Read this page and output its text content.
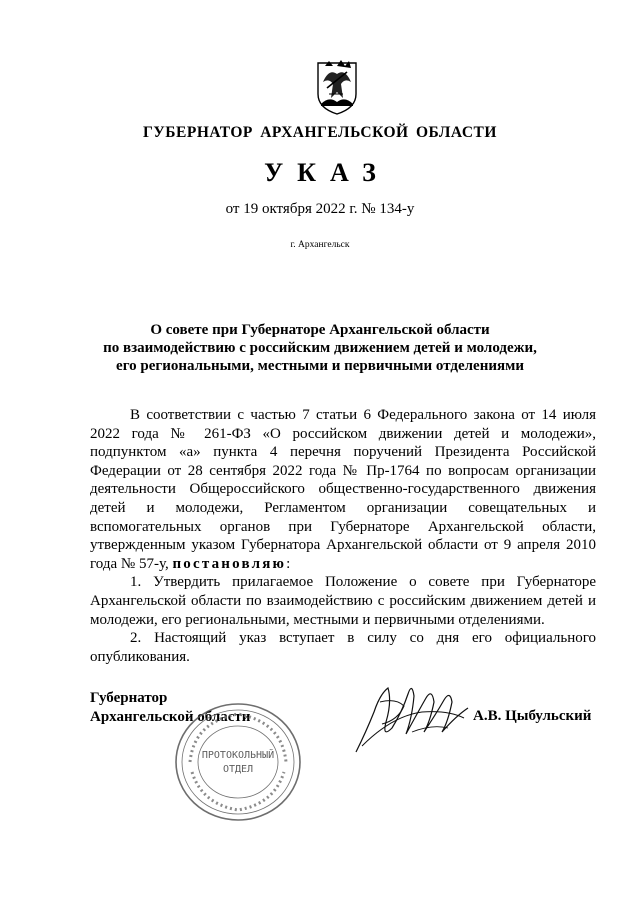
ГУБЕРНАТОР АРХАНГЕЛЬСКОЙ ОБЛАСТИ
УКАЗ
от 19 октября 2022 г. № 134-у
г. Архангельск
О совете при Губернаторе Архангельской области
по взаимодействию с российским движением детей и молодежи,
его региональными, местными и первичными отделениями

В соответствии с частью 7 статьи 6 Федерального закона от 14 июля 2022 года № 261-ФЗ «О российском движении детей и молодежи», подпунктом «а» пункта 4 перечня поручений Президента Российской Федерации от 28 сентября 2022 года № Пр-1764 по вопросам организации деятельности Общероссийского общественно-государственного движения детей и молодежи, Регламентом организации совещательных и вспомогательных органов при Губернаторе Архангельской области, утвержденным указом Губернатора Архангельской области от 9 апреля 2010 года № 57-у, постановляю:

1. Утвердить прилагаемое Положение о совете при Губернаторе Архангельской области по взаимодействию с российским движением детей и молодежи, его региональными, местными и первичными отделениями.

2. Настоящий указ вступает в силу со дня его официального опубликования.

Губернатор
Архангельской области
ПРОТОКОЛЬНЫЙ
ОТДЕЛ
А.В. Цыбульский
